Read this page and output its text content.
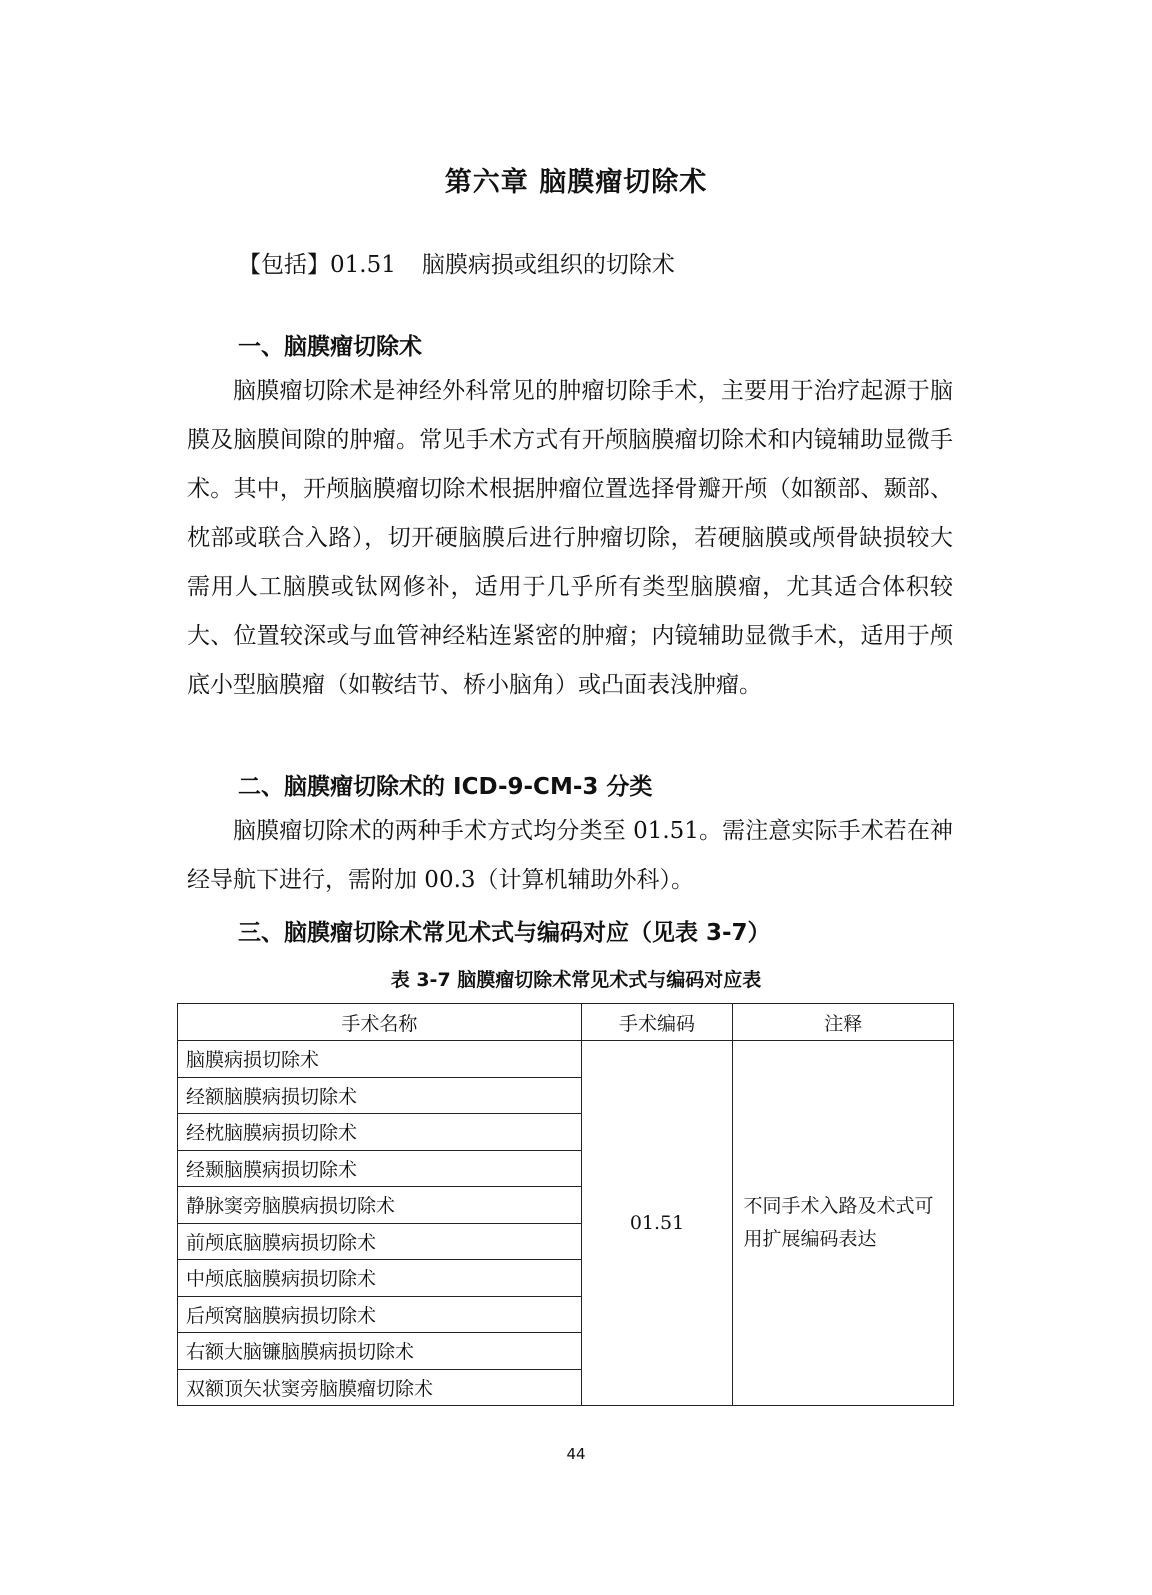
第六章 脑膜瘤切除术
【包括】01.51 脑膜病损或组织的切除术
一、脑膜瘤切除术

脑膜瘤切除术是神经外科常见的肿瘤切除手术，主要用于治疗起源于脑膜及脑膜间隙的肿瘤。常见手术方式有开颅脑膜瘤切除术和内镜辅助显微手术。其中，开颅脑膜瘤切除术根据肿瘤位置选择骨瓣开颅（如额部、颞部、枕部或联合入路），切开硬脑膜后进行肿瘤切除，若硬脑膜或颅骨缺损较大需用人工脑膜或钛网修补，适用于几乎所有类型脑膜瘤，尤其适合体积较大、位置较深或与血管神经粘连紧密的肿瘤；内镜辅助显微手术，适用于颅底小型脑膜瘤（如鞍结节、桥小脑角）或凸面表浅肿瘤。

二、脑膜瘤切除术的 ICD-9-CM-3 分类

脑膜瘤切除术的两种手术方式均分类至 01.51。需注意实际手术若在神经导航下进行，需附加 00.3（计算机辅助外科）。

三、脑膜瘤切除术常见术式与编码对应（见表 3-7）
表 3-7 脑膜瘤切除术常见术式与编码对应表
手术名称	手术编码	注释
脑膜病损切除术	01.51	不同手术入路及术式可用扩展编码表达
经额脑膜病损切除术		
经枕脑膜病损切除术		
经颞脑膜病损切除术		
静脉窦旁脑膜病损切除术		
前颅底脑膜病损切除术		
中颅底脑膜病损切除术		
后颅窝脑膜病损切除术		
右额大脑镰脑膜病损切除术		
双额顶矢状窦旁脑膜瘤切除术		
44
